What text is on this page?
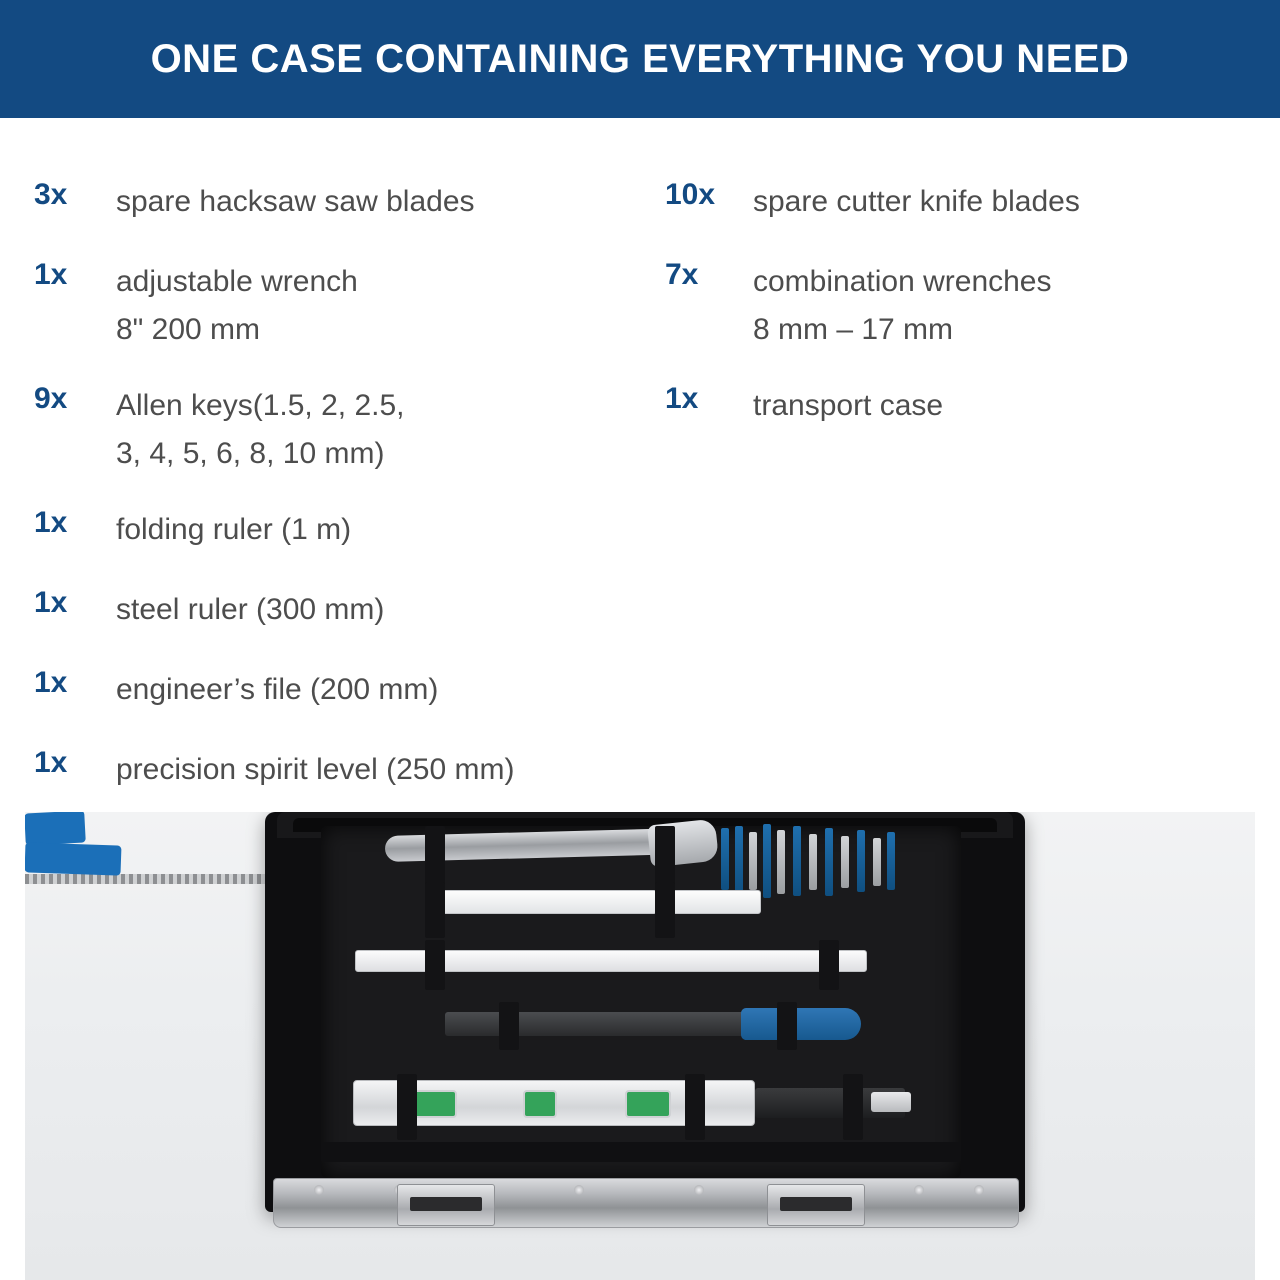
ONE CASE CONTAINING EVERYTHING YOU NEED
3x	spare hacksaw saw blades
1x	adjustable wrench
8" 200 mm
9x	Allen keys(1.5, 2, 2.5,
3, 4, 5, 6, 8, 10 mm)
1x	folding ruler (1 m)
1x	steel ruler (300 mm)
1x	engineer’s file (200 mm)
1x	precision spirit level (250 mm)
10x	spare cutter knife blades
7x	combination wrenches
8 mm – 17 mm
1x	transport case
